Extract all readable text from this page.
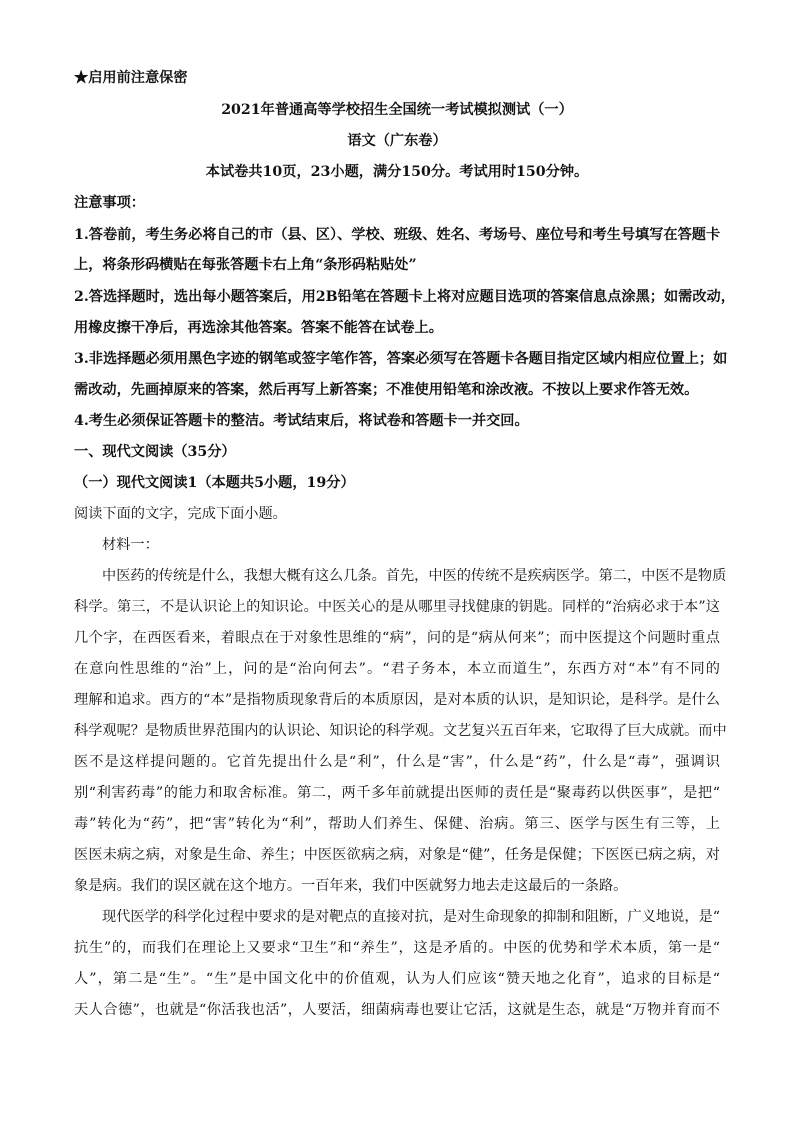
★启用前注意保密
2021年普通高等学校招生全国统一考试模拟测试（一）
语文（广东卷）
本试卷共10页，23小题，满分150分。考试用时150分钟。
注意事项：
1.答卷前，考生务必将自己的市（县、区）、学校、班级、姓名、考场号、座位号和考生号填写在答题卡
上，将条形码横贴在每张答题卡右上角“条形码粘贴处”
2.答选择题时，选出每小题答案后，用2B铅笔在答题卡上将对应题目选项的答案信息点涂黑；如需改动，
用橡皮擦干净后，再选涂其他答案。答案不能答在试卷上。
3.非选择题必须用黑色字迹的钢笔或签字笔作答，答案必须写在答题卡各题目指定区域内相应位置上；如
需改动，先画掉原来的答案，然后再写上新答案；不准使用铅笔和涂改液。不按以上要求作答无效。
4.考生必须保证答题卡的整洁。考试结束后，将试卷和答题卡一并交回。
一、现代文阅读（35分）
（一）现代文阅读1（本题共5小题，19分）
阅读下面的文字，完成下面小题。
材料一：
中医药的传统是什么，我想大概有这么几条。首先，中医的传统不是疾病医学。第二，中医不是物质
科学。第三，不是认识论上的知识论。中医关心的是从哪里寻找健康的钥匙。同样的“治病必求于本”这
几个字，在西医看来，着眼点在于对象性思维的“病”，问的是“病从何来”；而中医提这个问题时重点
在意向性思维的“治”上，问的是“治向何去”。“君子务本，本立而道生”，东西方对“本”有不同的
理解和追求。西方的“本”是指物质现象背后的本质原因，是对本质的认识，是知识论，是科学。是什么
科学观呢？是物质世界范围内的认识论、知识论的科学观。文艺复兴五百年来，它取得了巨大成就。而中
医不是这样提问题的。它首先提出什么是“利”，什么是“害”，什么是“药”，什么是“毒”，强调识
别“利害药毒”的能力和取舍标准。第二，两千多年前就提出医师的责任是“聚毒药以供医事”，是把“
毒”转化为“药”，把“害”转化为“利”，帮助人们养生、保健、治病。第三、医学与医生有三等，上
医医未病之病，对象是生命、养生；中医医欲病之病，对象是“健”，任务是保健；下医医已病之病，对
象是病。我们的误区就在这个地方。一百年来，我们中医就努力地去走这最后的一条路。
现代医学的科学化过程中要求的是对靶点的直接对抗，是对生命现象的抑制和阻断，广义地说，是“
抗生”的，而我们在理论上又要求“卫生”和“养生”，这是矛盾的。中医的优势和学术本质，第一是“
人”，第二是“生”。“生”是中国文化中的价值观，认为人们应该“赞天地之化育”，追求的目标是“
天人合德”，也就是“你活我也活”，人要活，细菌病毒也要让它活，这就是生态，就是“万物并育而不
